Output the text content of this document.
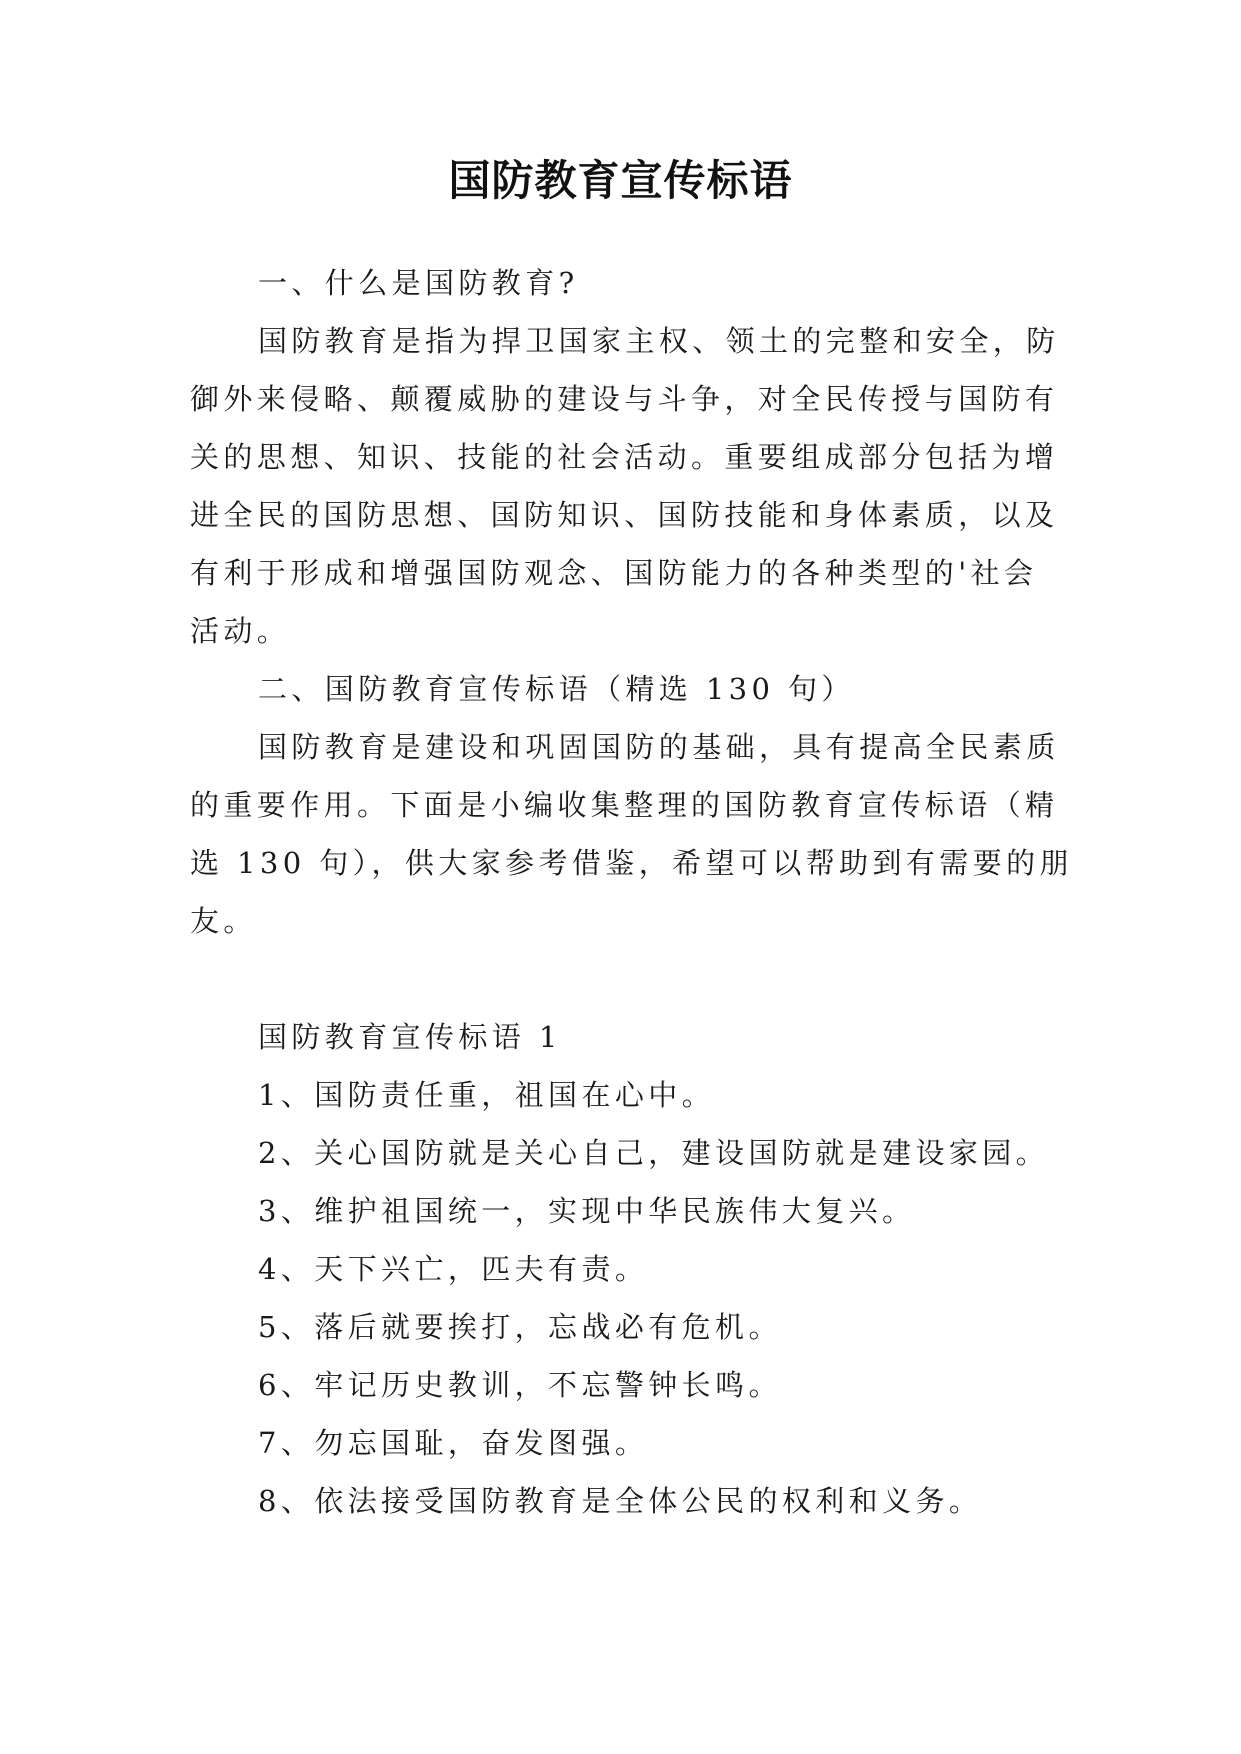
国防教育宣传标语
一、什么是国防教育?
国防教育是指为捍卫国家主权、领土的完整和安全，防
御外来侵略、颠覆威胁的建设与斗争，对全民传授与国防有
关的思想、知识、技能的社会活动。重要组成部分包括为增
进全民的国防思想、国防知识、国防技能和身体素质，以及
有利于形成和增强国防观念、国防能力的各种类型的'社会
活动。
二、国防教育宣传标语（精选 130 句）
国防教育是建设和巩固国防的基础，具有提高全民素质
的重要作用。下面是小编收集整理的国防教育宣传标语（精
选 130 句），供大家参考借鉴，希望可以帮助到有需要的朋
友。
国防教育宣传标语 1
1、国防责任重，祖国在心中。
2、关心国防就是关心自己，建设国防就是建设家园。
3、维护祖国统一，实现中华民族伟大复兴。
4、天下兴亡，匹夫有责。
5、落后就要挨打，忘战必有危机。
6、牢记历史教训，不忘警钟长鸣。
7、勿忘国耻，奋发图强。
8、依法接受国防教育是全体公民的权利和义务。
